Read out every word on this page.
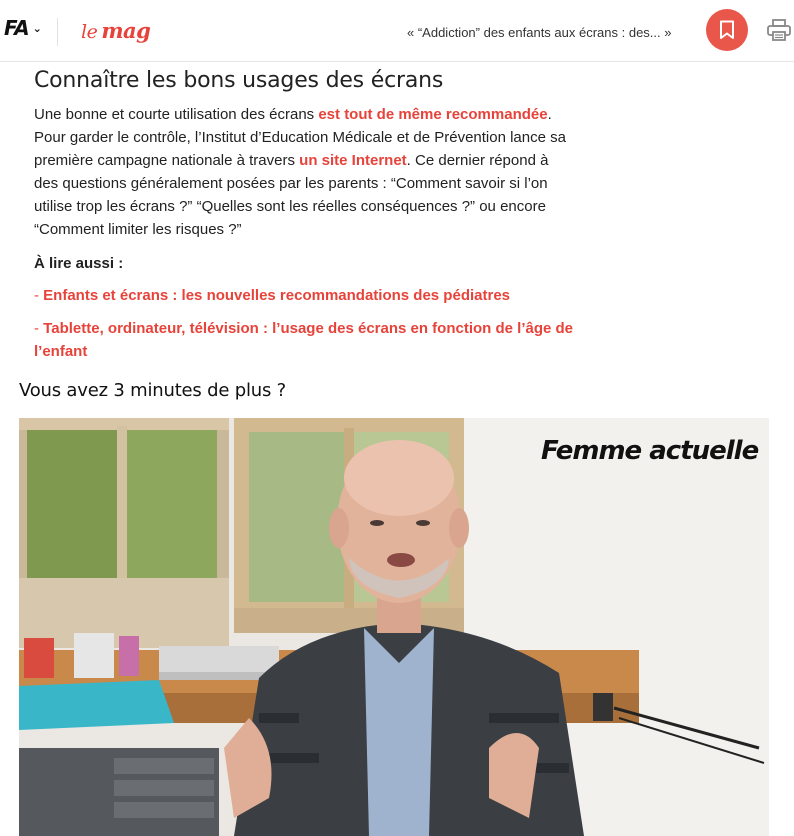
FA ⌄ le mag	« “Addiction” des enfants aux écrans : des... »
Connaître les bons usages des écrans

Une bonne et courte utilisation des écrans est tout de même recommandée. Pour garder le contrôle, l’Institut d’Education Médicale et de Prévention lance sa première campagne nationale à travers un site Internet. Ce dernier répond à des questions généralement posées par les parents : “Comment savoir si l’on utilise trop les écrans ?” “Quelles sont les réelles conséquences ?” ou encore “Comment limiter les risques ?”

À lire aussi :
- Enfants et écrans : les nouvelles recommandations des pédiatres
- Tablette, ordinateur, télévision : l’usage des écrans en fonction de l’âge de l’enfant
Vous avez 3 minutes de plus ?
Femme actuelle
